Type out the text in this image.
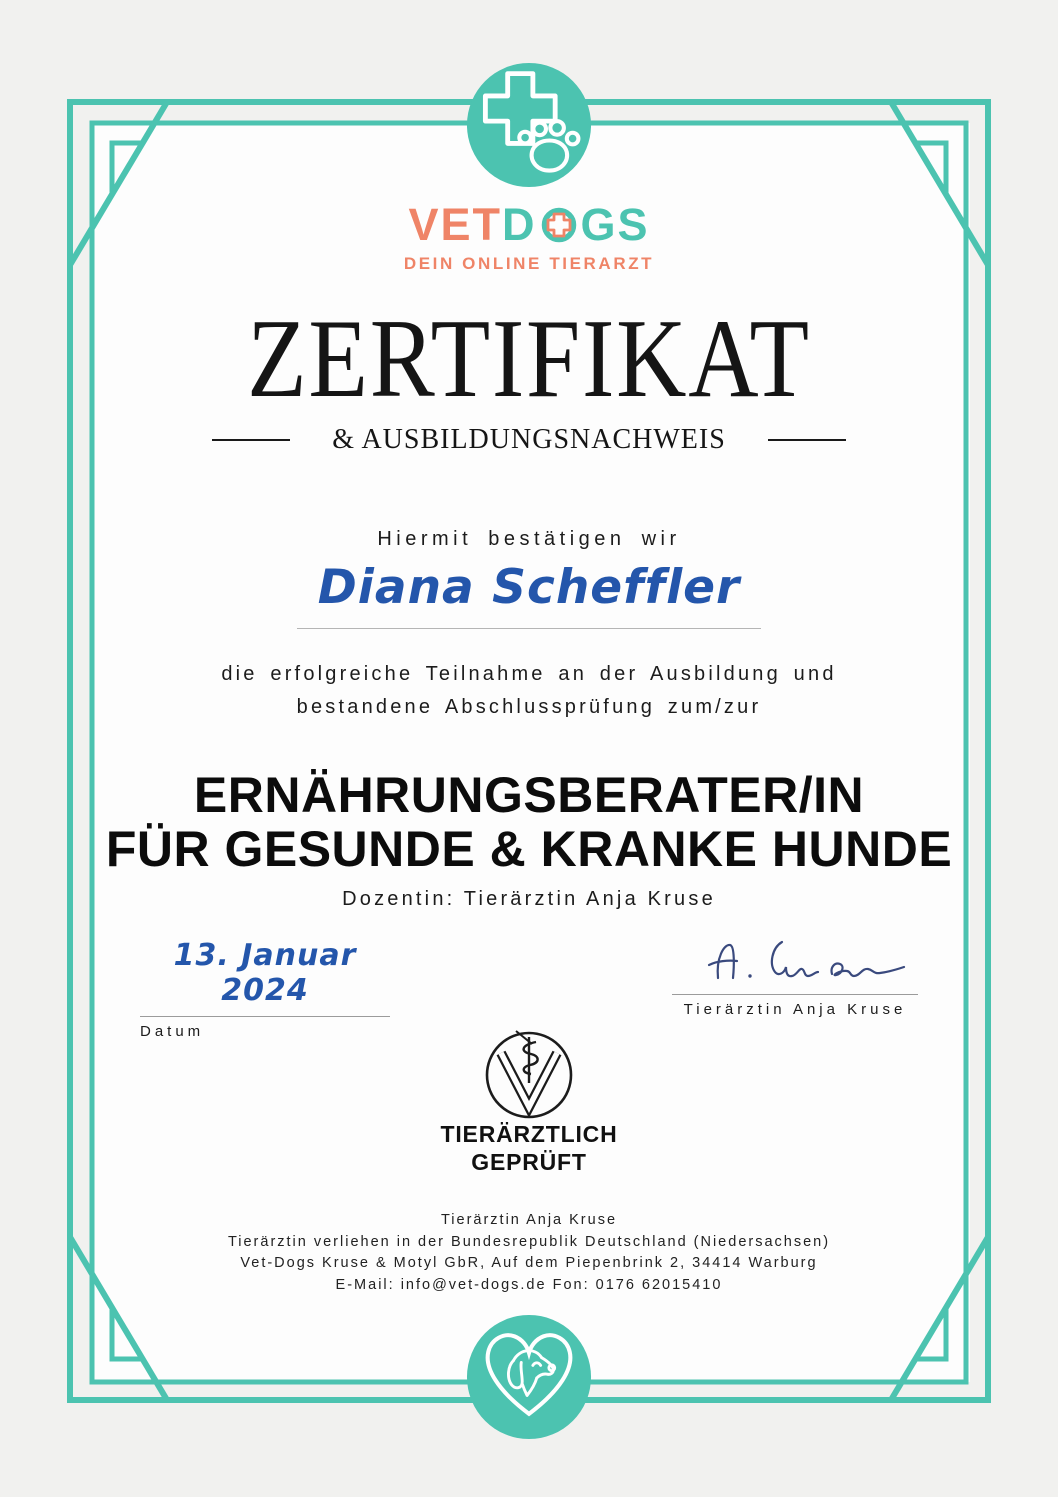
VET D GS
DEIN ONLINE TIERARZT
ZERTIFIKAT
& AUSBILDUNGSNACHWEIS
Hiermit bestätigen wir
Diana Scheffler
die erfolgreiche Teilnahme an der Ausbildung und
bestandene Abschlussprüfung zum/zur
ERNÄHRUNGSBERATER/IN
FÜR GESUNDE & KRANKE HUNDE
Dozentin: Tierärztin Anja Kruse
13. Januar 2024
Datum
Tierärztin Anja Kruse
TIERÄRZTLICH
GEPRÜFT
Tierärztin Anja Kruse
Tierärztin verliehen in der Bundesrepublik Deutschland (Niedersachsen)
Vet-Dogs Kruse & Motyl GbR, Auf dem Piepenbrink 2, 34414 Warburg
E-Mail: info@vet-dogs.de Fon: 0176 62015410
